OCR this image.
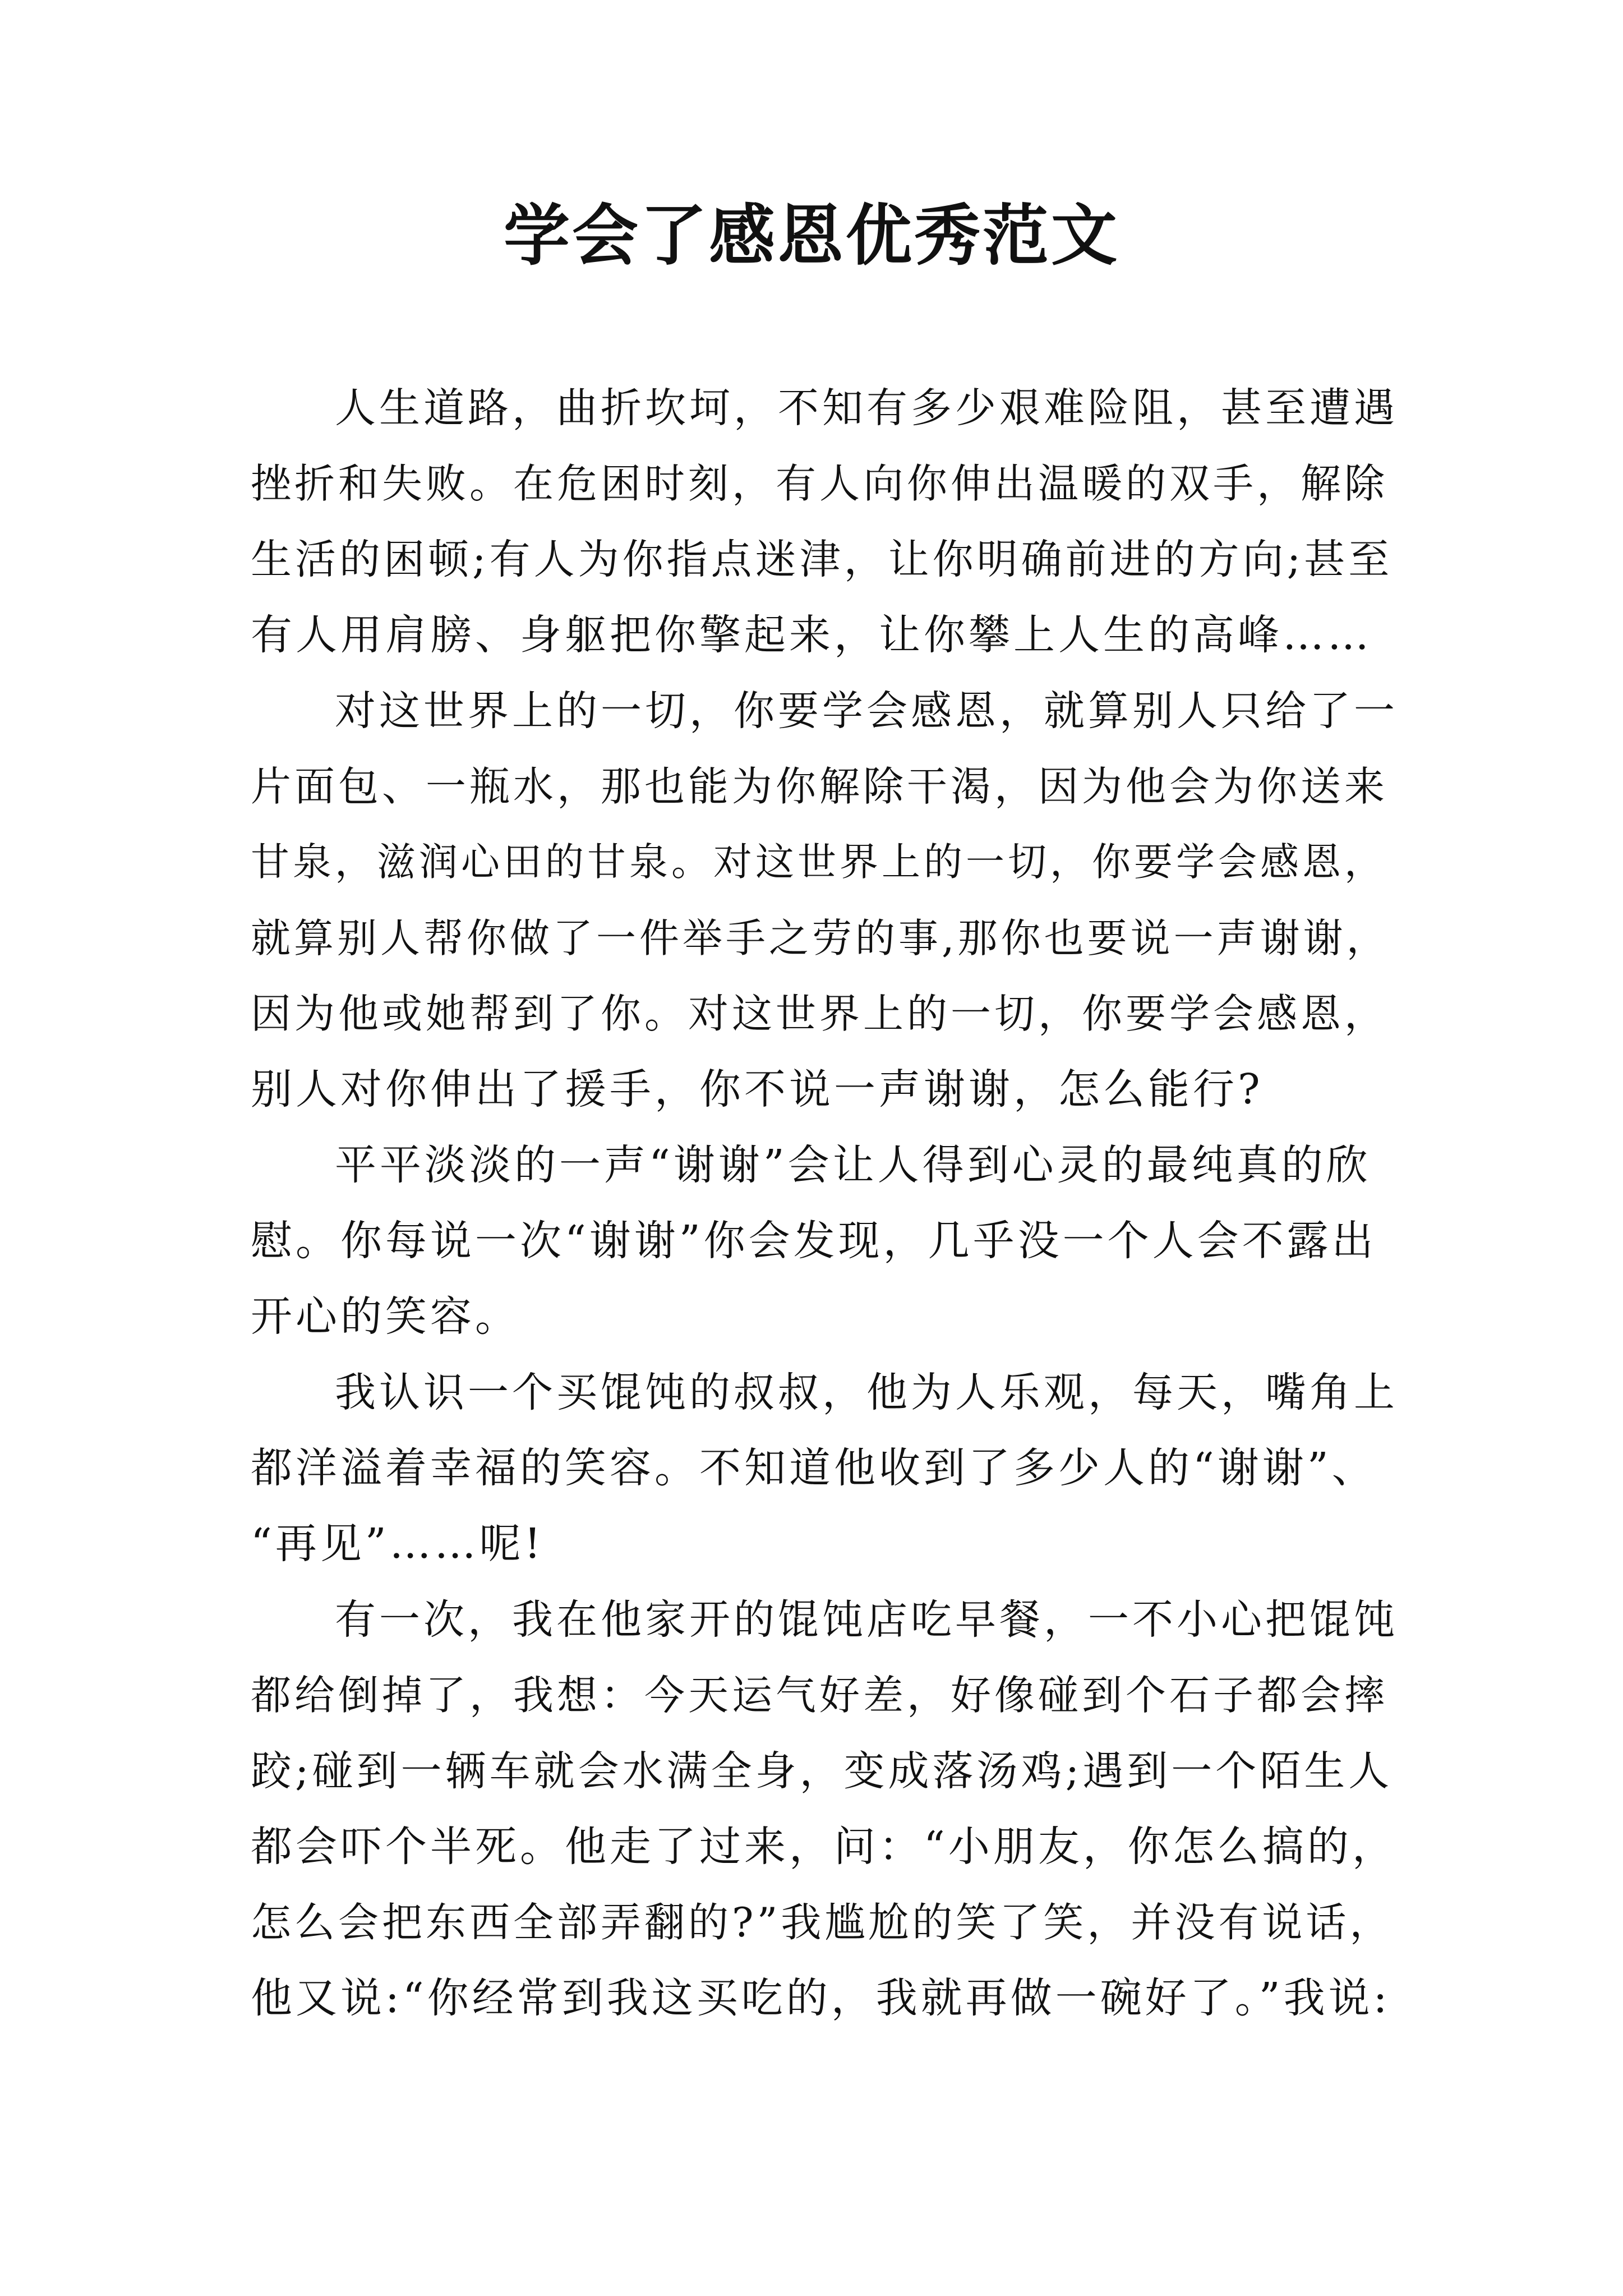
学会了感恩优秀范文
人生道路，曲折坎坷，不知有多少艰难险阻，甚至遭遇
挫折和失败。在危困时刻，有人向你伸出温暖的双手，解除
生活的困顿;有人为你指点迷津，让你明确前进的方向;甚至
有人用肩膀、身躯把你擎起来，让你攀上人生的高峰……
对这世界上的一切，你要学会感恩，就算别人只给了一
片面包、一瓶水，那也能为你解除干渴，因为他会为你送来
甘泉，滋润心田的甘泉。对这世界上的一切，你要学会感恩，
就算别人帮你做了一件举手之劳的事,那你也要说一声谢谢，
因为他或她帮到了你。对这世界上的一切，你要学会感恩，
别人对你伸出了援手，你不说一声谢谢，怎么能行?
平平淡淡的一声“谢谢”会让人得到心灵的最纯真的欣
慰。你每说一次“谢谢”你会发现，几乎没一个人会不露出
开心的笑容。
我认识一个买馄饨的叔叔，他为人乐观，每天，嘴角上
都洋溢着幸福的笑容。不知道他收到了多少人的“谢谢”、
“再见”……呢!
有一次，我在他家开的馄饨店吃早餐，一不小心把馄饨
都给倒掉了，我想：今天运气好差，好像碰到个石子都会摔
跤;碰到一辆车就会水满全身，变成落汤鸡;遇到一个陌生人
都会吓个半死。他走了过来，问：“小朋友，你怎么搞的，
怎么会把东西全部弄翻的?”我尴尬的笑了笑，并没有说话，
他又说:“你经常到我这买吃的，我就再做一碗好了。”我说:
